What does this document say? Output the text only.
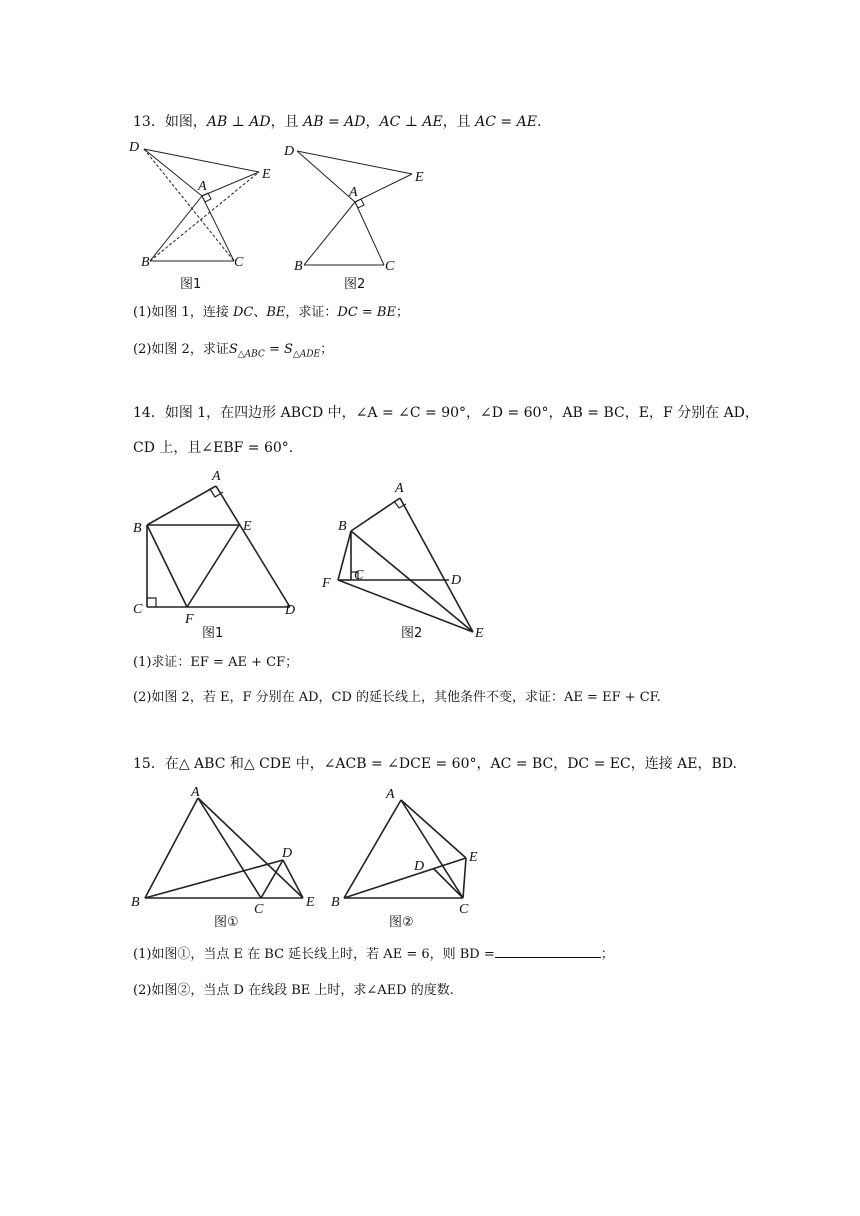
13．如图，AB ⊥ AD，且 AB = AD，AC ⊥ AE，且 AC = AE.
D
A
E
B	C
图1
D
A
E
B	C
图2
(1)如图 1，连接 DC、BE，求证：DC = BE；
(2)如图 2，求证$S_{\triangle ABC} = S_{\triangle ADE}$；
14．如图 1，在四边形 ABCD 中，∠A = ∠C = 90°，∠D = 60°，AB = BC，E，F 分别在 AD，
CD 上，且∠EBF = 60°.
A
B	E
C
F
D
图1
A
B
C	D
F
E
图2
(1)求证：EF = AE + CF；
(2)如图 2，若 E，F 分别在 AD，CD 的延长线上，其他条件不变，求证：AE = EF + CF.
15．在△ ABC 和△ CDE 中，∠ACB = ∠DCE = 60°，AC = BC，DC = EC，连接 AE，BD.
A
B	C
D
E
图①
A
B	C
D
E
图②
(1)如图①，当点 E 在 BC 延长线上时，若 AE = 6，则 BD =	；
(2)如图②，当点 D 在线段 BE 上时，求∠AED 的度数.
